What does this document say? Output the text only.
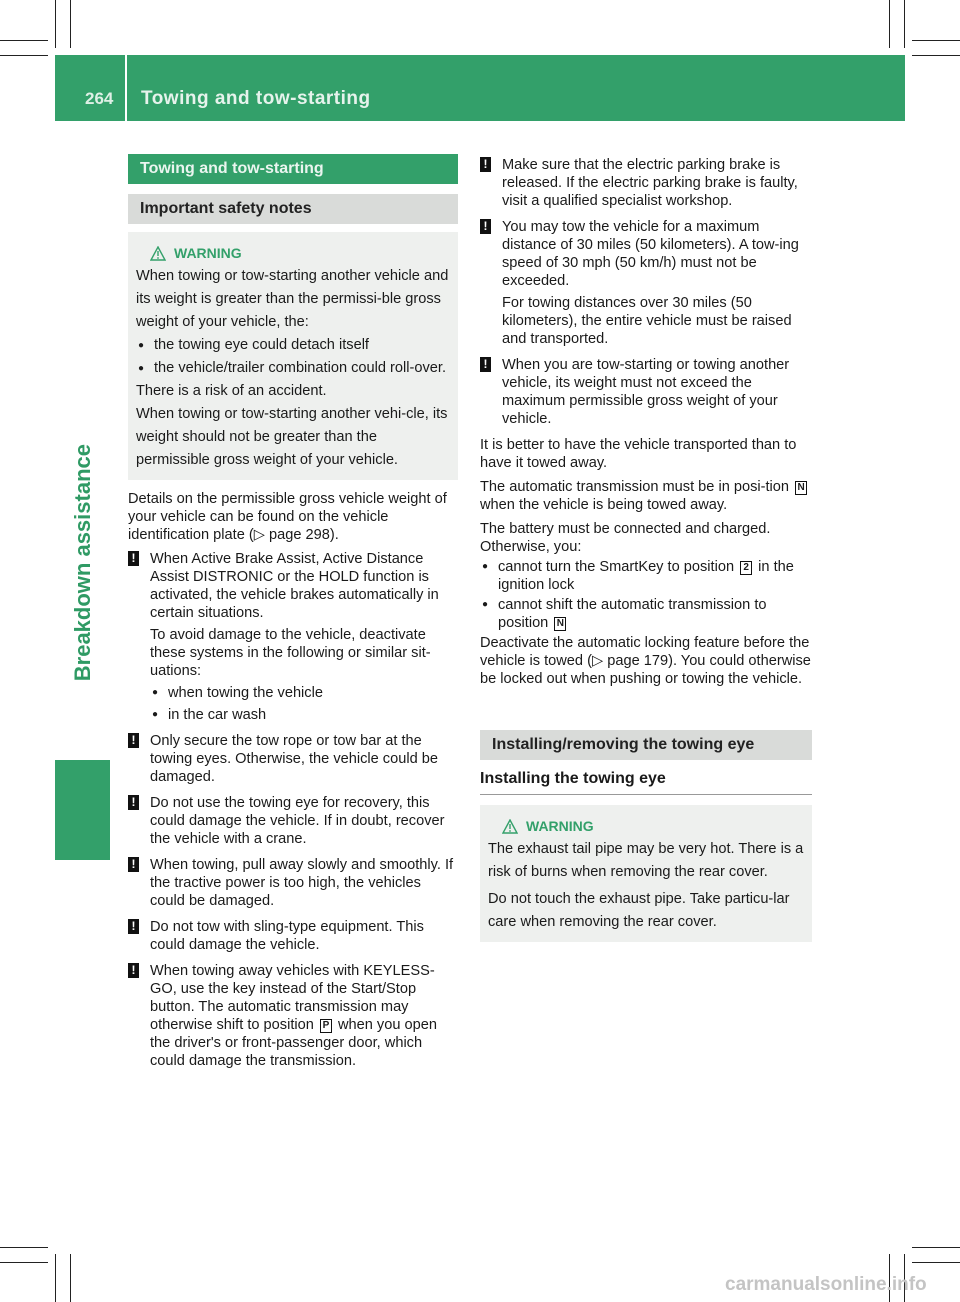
264 Towing and tow-starting
Breakdown assistance
Towing and tow-starting
Important safety notes
WARNING
When towing or tow-starting another vehicle and its weight is greater than the permissi-ble gross weight of your vehicle, the:
● the towing eye could detach itself
● the vehicle/trailer combination could roll-over.
There is a risk of an accident.
When towing or tow-starting another vehi-cle, its weight should not be greater than the permissible gross weight of your vehicle.

Details on the permissible gross vehicle weight of your vehicle can be found on the vehicle identification plate (▷ page 298).

! When Active Brake Assist, Active Distance Assist DISTRONIC or the HOLD function is activated, the vehicle brakes automatically in certain situations.
To avoid damage to the vehicle, deactivate these systems in the following or similar sit-uations:
● when towing the vehicle
● in the car wash
! Only secure the tow rope or tow bar at the towing eyes. Otherwise, the vehicle could be damaged.
! Do not use the towing eye for recovery, this could damage the vehicle. If in doubt, recover the vehicle with a crane.
! When towing, pull away slowly and smoothly. If the tractive power is too high, the vehicles could be damaged.
! Do not tow with sling-type equipment. This could damage the vehicle.
! When towing away vehicles with KEYLESS-GO, use the key instead of the Start/Stop button. The automatic transmission may otherwise shift to position P when you open the driver's or front-passenger door, which could damage the transmission.
! Make sure that the electric parking brake is released. If the electric parking brake is faulty, visit a qualified specialist workshop.
! You may tow the vehicle for a maximum distance of 30 miles (50 kilometers). A tow-ing speed of 30 mph (50 km/h) must not be exceeded.
For towing distances over 30 miles (50 kilometers), the entire vehicle must be raised and transported.
! When you are tow-starting or towing another vehicle, its weight must not exceed the maximum permissible gross weight of your vehicle.

It is better to have the vehicle transported than to have it towed away.

The automatic transmission must be in posi-tion N when the vehicle is being towed away.

The battery must be connected and charged. Otherwise, you:

● cannot turn the SmartKey to position 2 in the ignition lock
● cannot shift the automatic transmission to position N

Deactivate the automatic locking feature before the vehicle is towed (▷ page 179). You could otherwise be locked out when pushing or towing the vehicle.

Installing/removing the towing eye
Installing the towing eye
WARNING
The exhaust tail pipe may be very hot. There is a risk of burns when removing the rear cover.
Do not touch the exhaust pipe. Take particu-lar care when removing the rear cover.
carmanualsonline.info
